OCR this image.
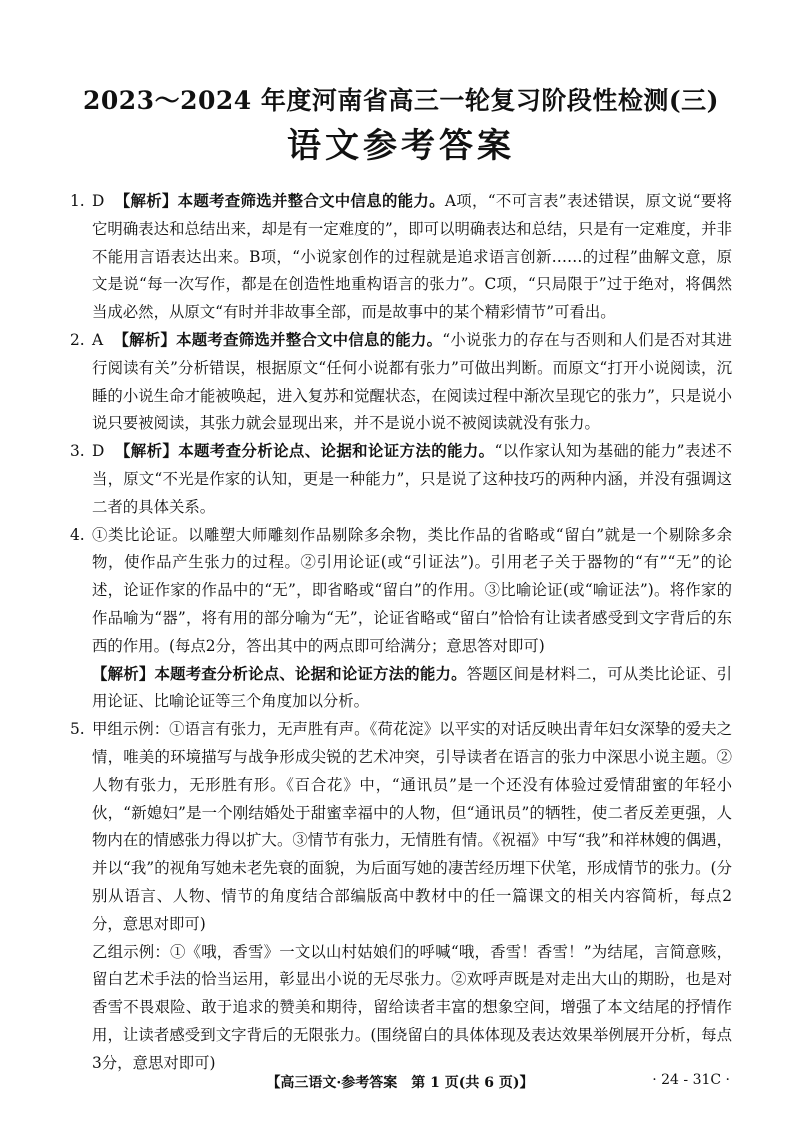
2023～2024 年度河南省高三一轮复习阶段性检测(三)
语文参考答案

1. D 【解析】本题考查筛选并整合文中信息的能力。A项，“不可言表”表述错误，原文说“要将它明确表达和总结出来，却是有一定难度的”，即可以明确表达和总结，只是有一定难度，并非不能用言语表达出来。B项，“小说家创作的过程就是追求语言创新……的过程”曲解文意，原文是说“每一次写作，都是在创造性地重构语言的张力”。C项，“只局限于”过于绝对，将偶然当成必然，从原文“有时并非故事全部，而是故事中的某个精彩情节”可看出。

2. A 【解析】本题考查筛选并整合文中信息的能力。“小说张力的存在与否则和人们是否对其进行阅读有关”分析错误，根据原文“任何小说都有张力”可做出判断。而原文“打开小说阅读，沉睡的小说生命才能被唤起，进入复苏和觉醒状态，在阅读过程中渐次呈现它的张力”，只是说小说只要被阅读，其张力就会显现出来，并不是说小说不被阅读就没有张力。

3. D 【解析】本题考查分析论点、论据和论证方法的能力。“以作家认知为基础的能力”表述不当，原文“不光是作家的认知，更是一种能力”，只是说了这种技巧的两种内涵，并没有强调这二者的具体关系。

4. ①类比论证。以雕塑大师雕刻作品剔除多余物，类比作品的省略或“留白”就是一个剔除多余物，使作品产生张力的过程。②引用论证(或“引证法”)。引用老子关于器物的“有”“无”的论述，论证作家的作品中的“无”，即省略或“留白”的作用。③比喻论证(或“喻证法”)。将作家的作品喻为“器”，将有用的部分喻为“无”，论证省略或“留白”恰恰有让读者感受到文字背后的东西的作用。(每点2分，答出其中的两点即可给满分；意思答对即可)

【解析】本题考查分析论点、论据和论证方法的能力。答题区间是材料二，可从类比论证、引用论证、比喻论证等三个角度加以分析。

5. 甲组示例：①语言有张力，无声胜有声。《荷花淀》以平实的对话反映出青年妇女深挚的爱夫之情，唯美的环境描写与战争形成尖锐的艺术冲突，引导读者在语言的张力中深思小说主题。②人物有张力，无形胜有形。《百合花》中，“通讯员”是一个还没有体验过爱情甜蜜的年轻小伙，“新媳妇”是一个刚结婚处于甜蜜幸福中的人物，但“通讯员”的牺牲，使二者反差更强，人物内在的情感张力得以扩大。③情节有张力，无情胜有情。《祝福》中写“我”和祥林嫂的偶遇，并以“我”的视角写她未老先衰的面貌，为后面写她的凄苦经历埋下伏笔，形成情节的张力。(分别从语言、人物、情节的角度结合部编版高中教材中的任一篇课文的相关内容简析，每点2分，意思对即可)

乙组示例：①《哦，香雪》一文以山村姑娘们的呼喊“哦，香雪！香雪！”为结尾，言简意赅，留白艺术手法的恰当运用，彰显出小说的无尽张力。②欢呼声既是对走出大山的期盼，也是对香雪不畏艰险、敢于追求的赞美和期待，留给读者丰富的想象空间，增强了本文结尾的抒情作用，让读者感受到文字背后的无限张力。(围绕留白的具体体现及表达效果举例展开分析，每点3分，意思对即可)

【高三语文·参考答案　第 1 页(共 6 页)】	· 24 - 31C ·
